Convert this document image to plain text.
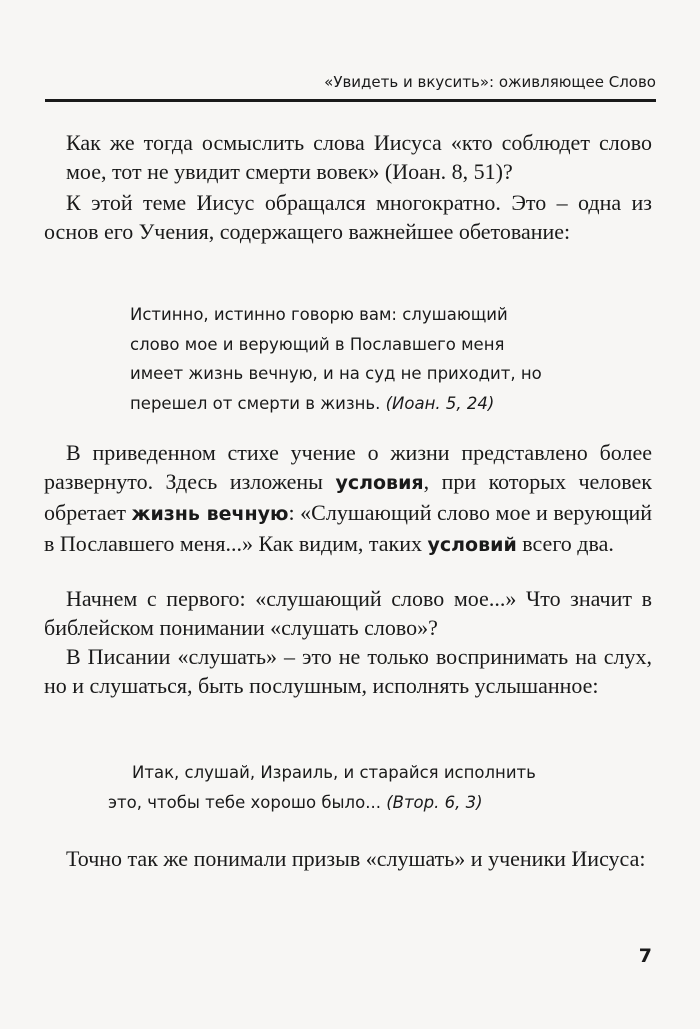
«Увидеть и вкусить»: оживляющее Слово

Как же тогда осмыслить слова Иисуса «кто соблюдет слово мое, тот не увидит смерти вовек» (Иоан. 8, 51)?

К этой теме Иисус обращался многократно. Это – одна из основ его Учения, содержащего важнейшее обетование:

Истинно, истинно говорю вам: слушающий слово мое и верующий в Пославшего меня имеет жизнь вечную, и на суд не приходит, но перешел от смерти в жизнь. (Иоан. 5, 24)

В приведенном стихе учение о жизни представлено более развернуто. Здесь изложены условия, при которых человек обретает жизнь вечную: «Слушающий слово мое и верующий в Пославшего меня...» Как видим, таких условий всего два.

Начнем с первого: «слушающий слово мое...» Что значит в библейском понимании «слушать слово»?

В Писании «слушать» – это не только воспринимать на слух, но и слушаться, быть послушным, исполнять услышанное:

Итак, слушай, Израиль, и старайся исполнить это, чтобы тебе хорошо было... (Втор. 6, 3)

Точно так же понимали призыв «слушать» и ученики Иисуса:

7
